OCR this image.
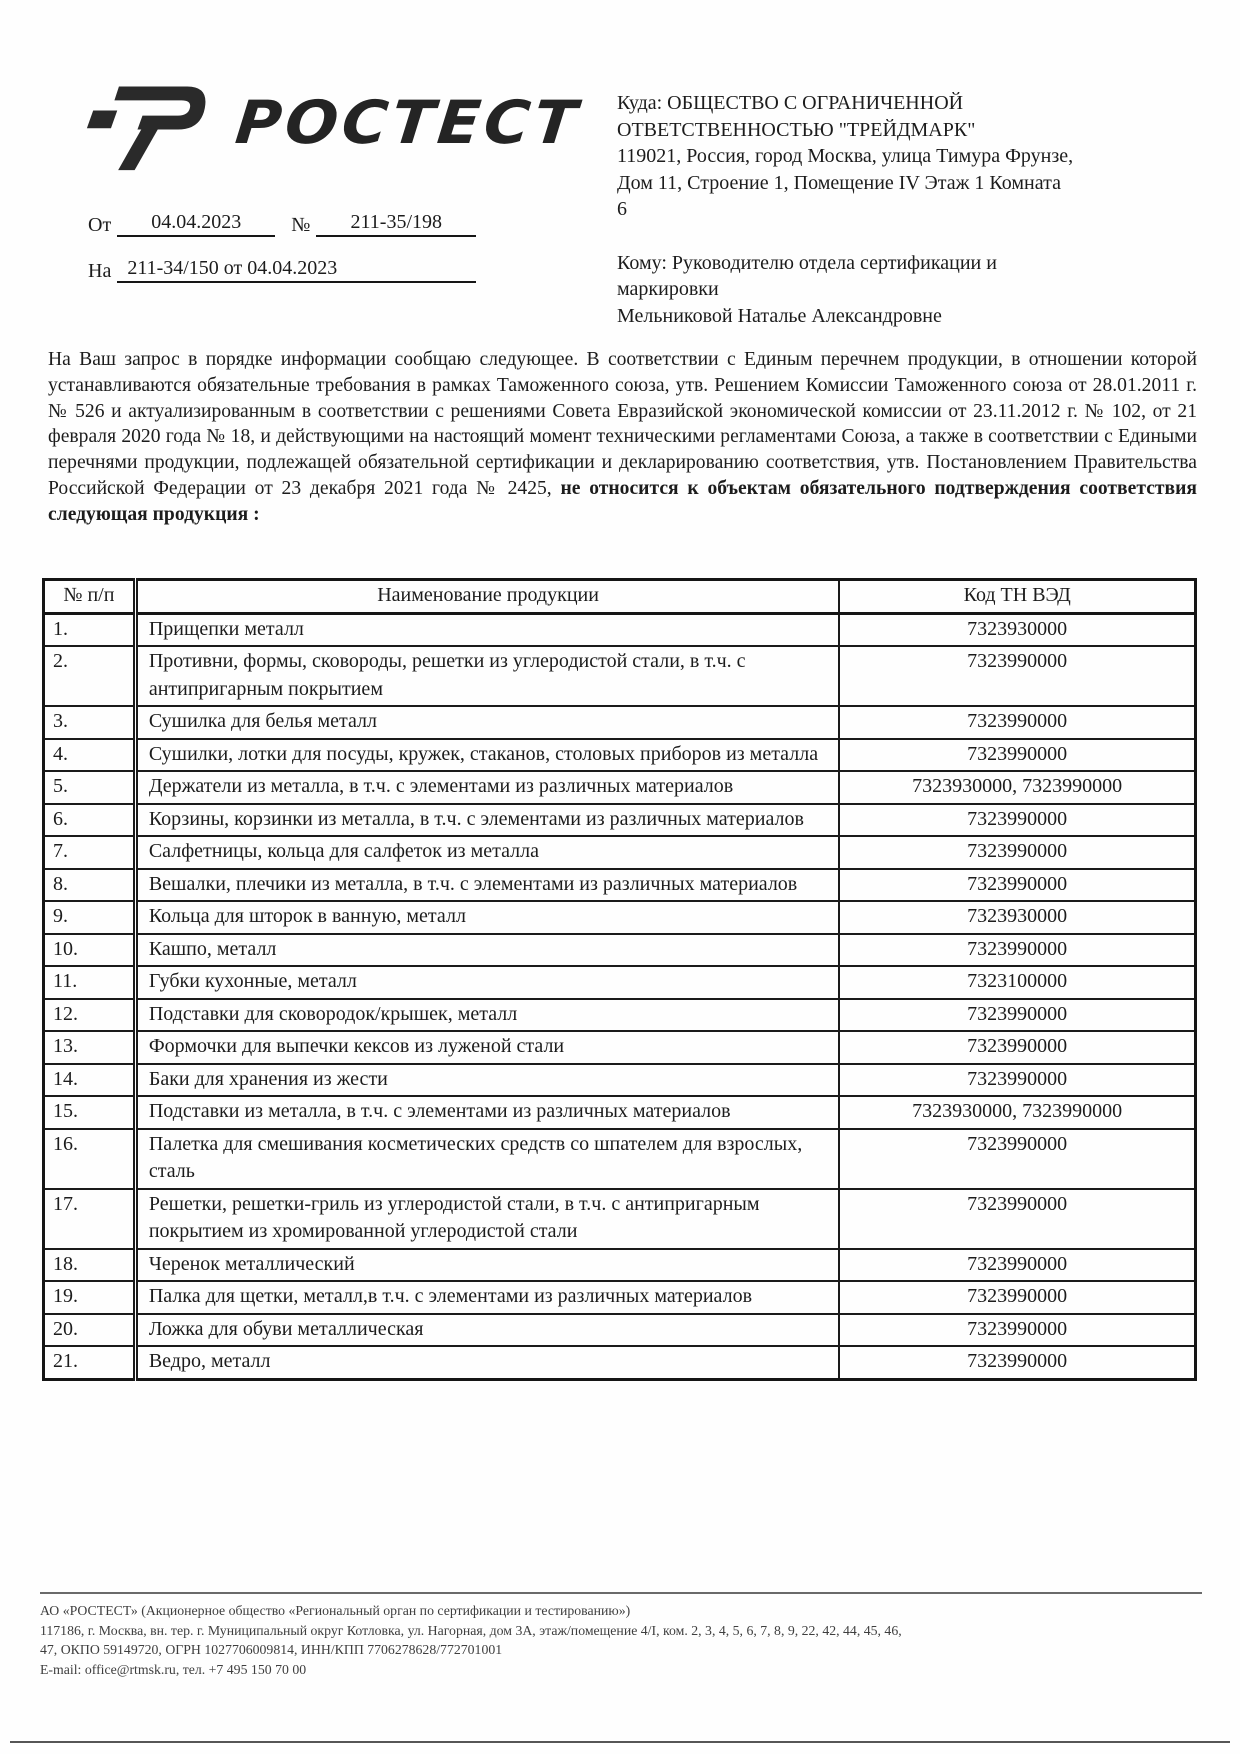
РОСТЕСТ
От	04.04.2023	№	211-35/198
На 211-34/150 от 04.04.2023

Куда: ОБЩЕСТВО С ОГРАНИЧЕННОЙ ОТВЕТСТВЕННОСТЬЮ "ТРЕЙДМАРК"

119021, Россия, город Москва, улица Тимура Фрунзе, Дом 11, Строение 1, Помещение IV Этаж 1 Комната 6

Кому: Руководителю отдела сертификации и маркировки

Мельниковой Наталье Александровне

На Ваш запрос в порядке информации сообщаю следующее. В соответствии с Единым перечнем продукции, в отношении которой устанавливаются обязательные требования в рамках Таможенного союза, утв. Решением Комиссии Таможенного союза от 28.01.2011 г. № 526 и актуализированным в соответствии с решениями Совета Евразийской экономической комиссии от 23.11.2012 г. № 102, от 21 февраля 2020 года № 18, и действующими на настоящий момент техническими регламентами Союза, а также в соответствии с Едиными перечнями продукции, подлежащей обязательной сертификации и декларированию соответствия, утв. Постановлением Правительства Российской Федерации от 23 декабря 2021 года № 2425, не относится к объектам обязательного подтверждения соответствия следующая продукция :
№ п/п	Наименование продукции	Код ТН ВЭД
1.	Прищепки металл	7323930000
2.	Противни, формы, сковороды, решетки из углеродистой стали, в т.ч. с антипригарным покрытием	7323990000
3.	Сушилка для белья металл	7323990000
4.	Сушилки, лотки для посуды, кружек, стаканов, столовых приборов из металла	7323990000
5.	Держатели из металла, в т.ч. с элементами из различных материалов	7323930000, 7323990000
6.	Корзины, корзинки из металла, в т.ч. с элементами из различных материалов	7323990000
7.	Салфетницы, кольца для салфеток из металла	7323990000
8.	Вешалки, плечики из металла, в т.ч. с элементами из различных материалов	7323990000
9.	Кольца для шторок в ванную, металл	7323930000
10.	Кашпо, металл	7323990000
11.	Губки кухонные, металл	7323100000
12.	Подставки для сковородок/крышек, металл	7323990000
13.	Формочки для выпечки кексов из луженой стали	7323990000
14.	Баки для хранения из жести	7323990000
15.	Подставки из металла, в т.ч. с элементами из различных материалов	7323930000, 7323990000
16.	Палетка для смешивания косметических средств со шпателем для взрослых, сталь	7323990000
17.	Решетки, решетки-гриль из углеродистой стали, в т.ч. с антипригарным покрытием из хромированной углеродистой стали	7323990000
18.	Черенок металлический	7323990000
19.	Палка для щетки, металл,в т.ч. с элементами из различных материалов	7323990000
20.	Ложка для обуви металлическая	7323990000
21.	Ведро, металл	7323990000
АО «РОСТЕСТ» (Акционерное общество «Региональный орган по сертификации и тестированию»)
117186, г. Москва, вн. тер. г. Муниципальный округ Котловка, ул. Нагорная, дом 3А, этаж/помещение 4/I, ком. 2, 3, 4, 5, 6, 7, 8, 9, 22, 42, 44, 45, 46,
47, ОКПО 59149720, ОГРН 1027706009814, ИНН/КПП 7706278628/772701001
E-mail: office@rtmsk.ru, тел. +7 495 150 70 00
